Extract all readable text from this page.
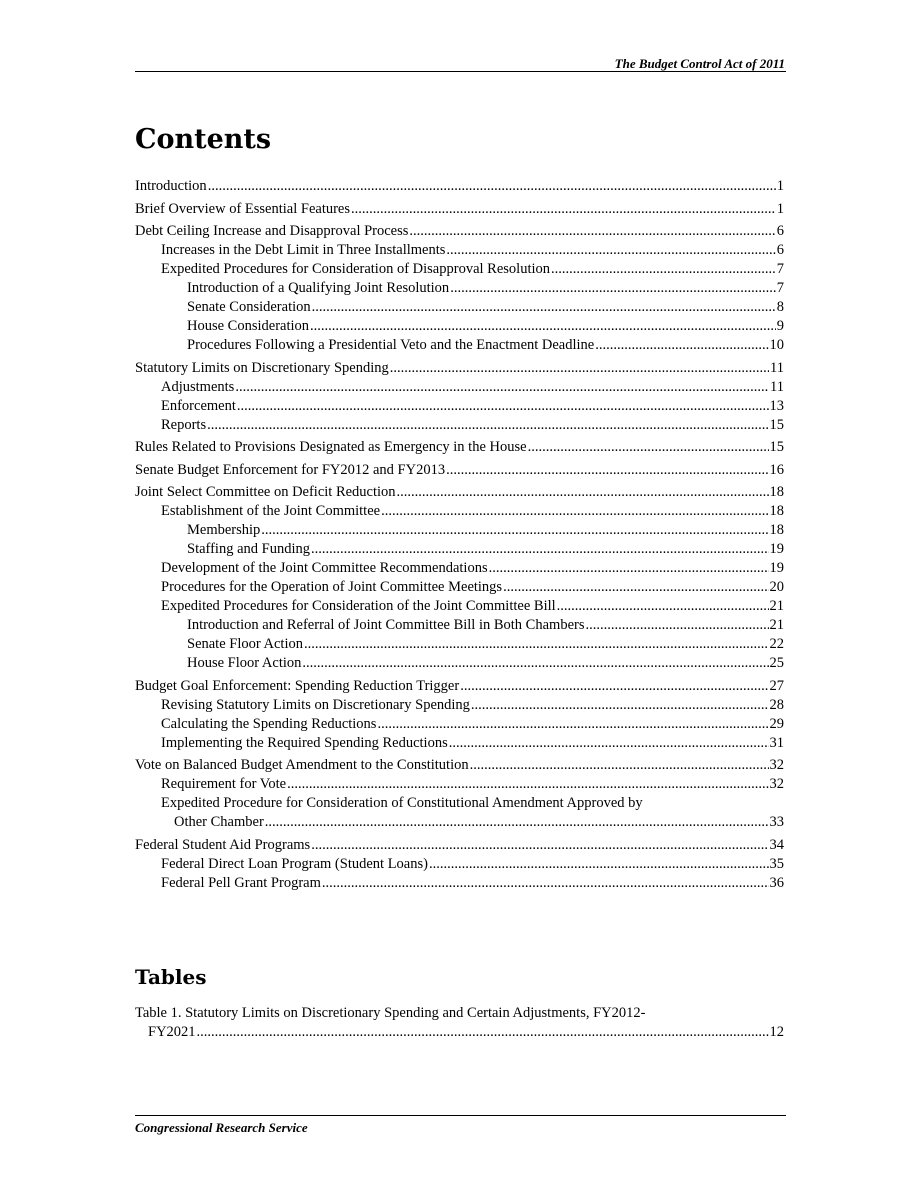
The Budget Control Act of 2011
Contents
Introduction .....	1
Brief Overview of Essential Features .....	1
Debt Ceiling Increase and Disapproval Process .....	6
Increases in the Debt Limit in Three Installments .....	6
Expedited Procedures for Consideration of Disapproval Resolution .....	7
Introduction of a Qualifying Joint Resolution .....	7
Senate Consideration .....	8
House Consideration .....	9
Procedures Following a Presidential Veto and the Enactment Deadline .....	10
Statutory Limits on Discretionary Spending .....	11
Adjustments .....	11
Enforcement .....	13
Reports .....	15
Rules Related to Provisions Designated as Emergency in the House .....	15
Senate Budget Enforcement for FY2012 and FY2013 .....	16
Joint Select Committee on Deficit Reduction .....	18
Establishment of the Joint Committee .....	18
Membership .....	18
Staffing and Funding .....	19
Development of the Joint Committee Recommendations .....	19
Procedures for the Operation of Joint Committee Meetings .....	20
Expedited Procedures for Consideration of the Joint Committee Bill .....	21
Introduction and Referral of Joint Committee Bill in Both Chambers .....	21
Senate Floor Action .....	22
House Floor Action .....	25
Budget Goal Enforcement: Spending Reduction Trigger .....	27
Revising Statutory Limits on Discretionary Spending .....	28
Calculating the Spending Reductions .....	29
Implementing the Required Spending Reductions .....	31
Vote on Balanced Budget Amendment to the Constitution .....	32
Requirement for Vote .....	32
Expedited Procedure for Consideration of Constitutional Amendment Approved by
Other Chamber .....	33
Federal Student Aid Programs .....	34
Federal Direct Loan Program (Student Loans) .....	35
Federal Pell Grant Program .....	36
Tables
Table 1. Statutory Limits on Discretionary Spending and Certain Adjustments, FY2012-
FY2021 .....	12
Congressional Research Service
